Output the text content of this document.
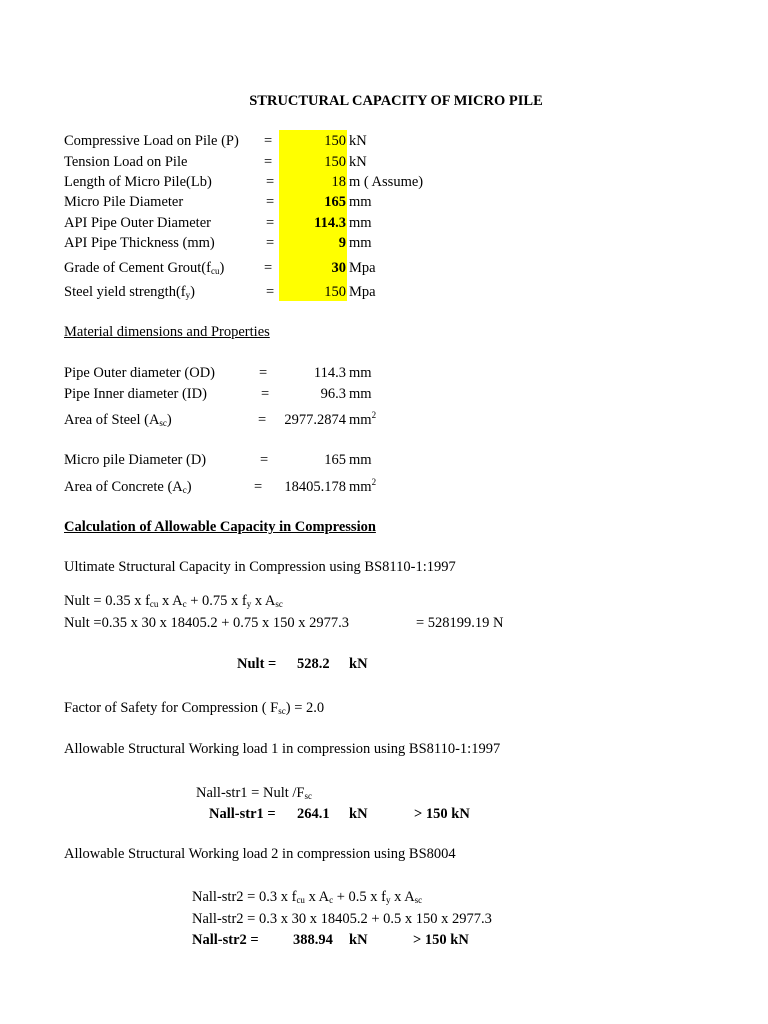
STRUCTURAL CAPACITY OF MICRO PILE
Compressive Load on Pile (P) =	150 kN
Tension Load on Pile	=	150 kN
Length of Micro Pile(Lb)	=	18 m ( Assume)
Micro Pile Diameter	=	165 mm
API Pipe Outer Diameter	=	114.3 mm
API Pipe Thickness (mm)	=	9 mm
Grade of Cement $Grout(f_{cu})$	=	30 Mpa
Steel yield $strength(f_y)$	=	150 Mpa
Material dimensions and Properties
Pipe Outer diameter (OD)	=	114.3 mm
Pipe Inner diameter (ID)	=	96.3 mm
Area of Steel $(A_{sc})$	=	2977.2874 $mm^2$
Micro pile Diameter (D)	=	165 mm
Area of Concrete $(A_c)$	=	18405.178 $mm^2$
Calculation of Allowable Capacity in Compression
Ultimate Structural Capacity in Compression using BS8110-1:1997
Nult = 0.35 x $f_{cu}$ x $A_c + 0.75$ x $f_y$ x $A_{sc}$
Nult =0.35 x 30 x 18405.2 + 0.75 x 150 x 2977.3	= 528199.19 N
Nult = 528.2 kN
Factor of Safety for Compression ( $F_{sc}) = 2.0$
Allowable Structural Working load 1 in compression using BS8110-1:1997
Nall-str1 = Nult $/F_{sc}$
Nall-str1 = 264.1 kN	> 150 kN
Allowable Structural Working load 2 in compression using BS8004
Nall-str2 = 0.3 x $f_{cu}$ x $A_c + 0.5$ x $f_y$ x $A_{sc}$
Nall-str2 = 0.3 x 30 x 18405.2 + 0.5 x 150 x 2977.3
Nall-str2 = 388.94 kN	> 150 kN
